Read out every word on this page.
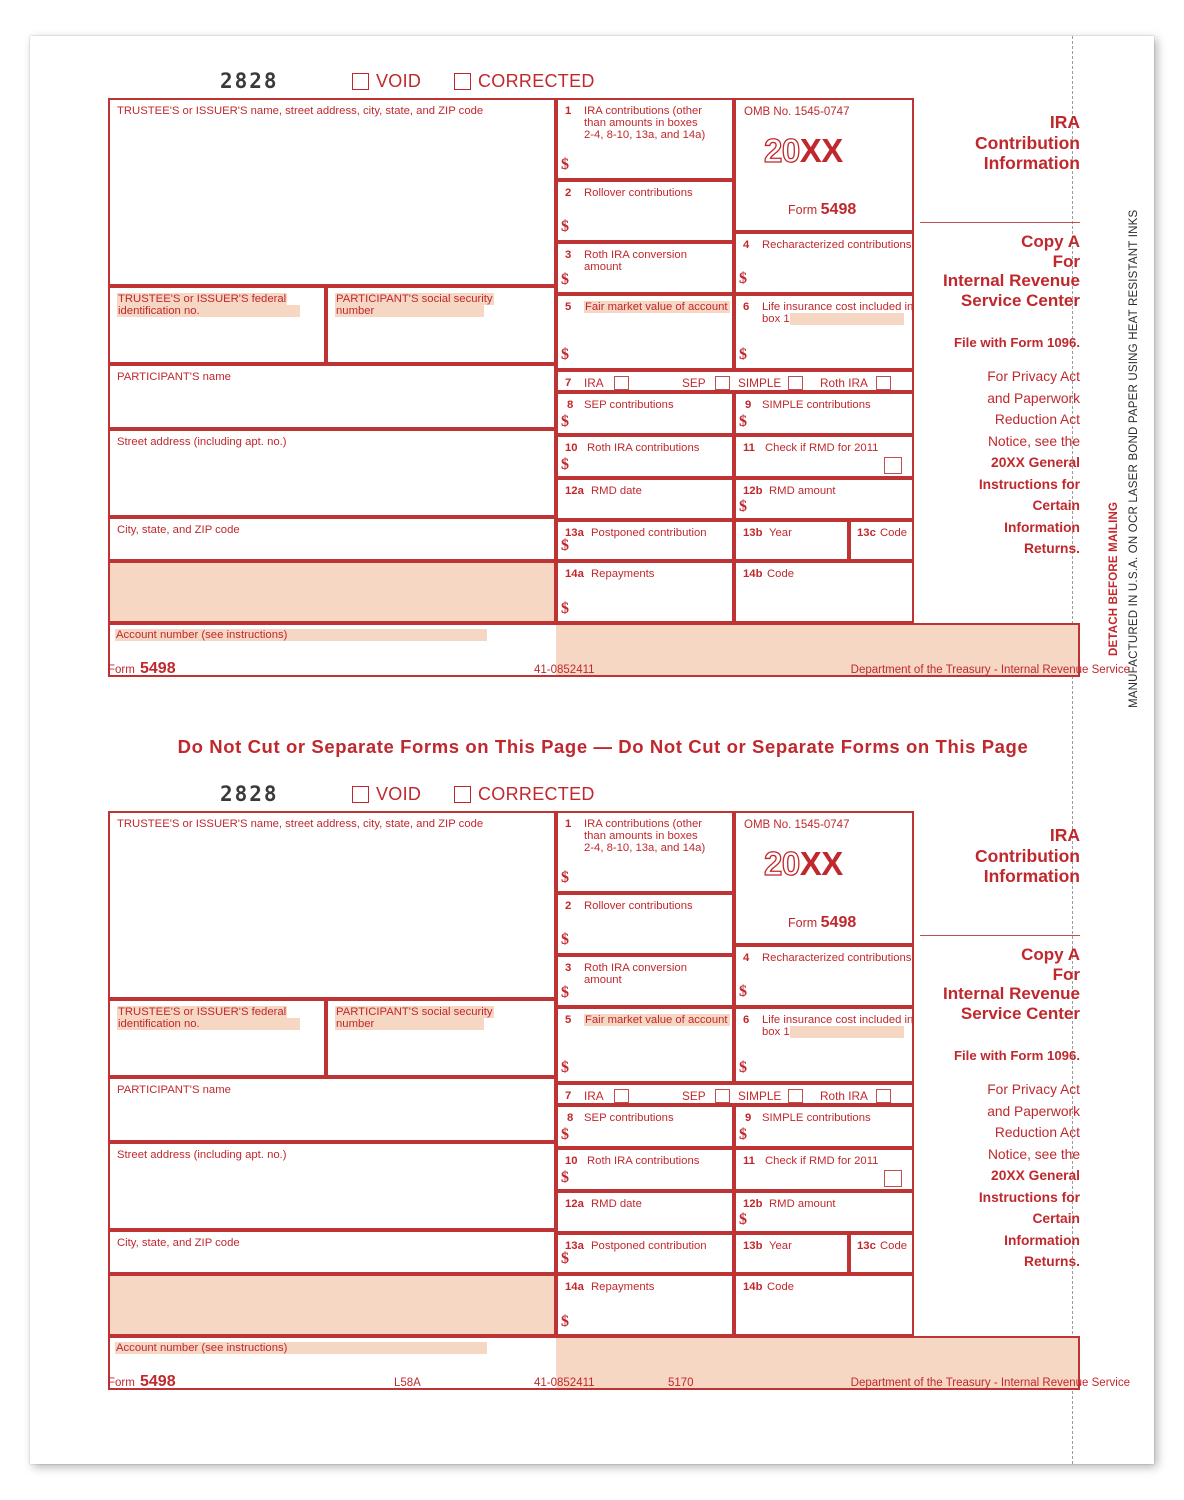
DETACH BEFORE MAILING MANUFACTURED IN U.S.A. ON OCR LASER BOND PAPER USING HEAT RESISTANT INKS
2828	VOID	CORRECTED
TRUSTEE'S or ISSUER'S name, street address, city, state, and ZIP code
TRUSTEE'S or ISSUER'S federal
identification no.
PARTICIPANT'S social security
number
PARTICIPANT'S name
Street address (including apt. no.)
City, state, and ZIP code
Account number (see instructions)
1 IRA contributions (other
than amounts in boxes
2-4, 8-10, 13a, and 14a)
$
2 Rollover contributions
$
3 Roth IRA conversion
amount
$
OMB No. 1545-0747
20XX
Form 5498
4 Recharacterized contributions
$
5 Fair market value of account
$
6 Life insurance cost included in
box 1
$
7 IRA	SEP	SIMPLE	Roth IRA
8 SEP contributions
$
9 SIMPLE contributions
$
10 Roth IRA contributions
$
11 Check if RMD for 2011
12a RMD date	12b RMD amount
$
13a Postponed contribution
$
13b Year	13c Code
14a Repayments
$
14b Code
IRA
Contribution
Information
Copy A
For
Internal Revenue
Service Center
File with Form 1096.
For Privacy Act
and Paperwork
Reduction Act
Notice, see the
20XX General
Instructions for
Certain
Information
Returns.
Form 5498	41-0852411	Department of the Treasury - Internal Revenue Service
Do Not Cut or Separate Forms on This Page — Do Not Cut or Separate Forms on This Page
2828	VOID	CORRECTED
TRUSTEE'S or ISSUER'S name, street address, city, state, and ZIP code
TRUSTEE'S or ISSUER'S federal
identification no.
PARTICIPANT'S social security
number
PARTICIPANT'S name
Street address (including apt. no.)
City, state, and ZIP code
Account number (see instructions)
1 IRA contributions (other
than amounts in boxes
2-4, 8-10, 13a, and 14a)
$
2 Rollover contributions
$
3 Roth IRA conversion
amount
$
OMB No. 1545-0747
20XX
Form 5498
4 Recharacterized contributions
$
5 Fair market value of account
$
6 Life insurance cost included in
box 1
$
7 IRA	SEP	SIMPLE	Roth IRA
8 SEP contributions
$
9 SIMPLE contributions
$
10 Roth IRA contributions
$
11 Check if RMD for 2011
12a RMD date	12b RMD amount
$
13a Postponed contribution
$
13b Year	13c Code
14a Repayments
$
14b Code
IRA
Contribution
Information
Copy A
For
Internal Revenue
Service Center
File with Form 1096.
For Privacy Act
and Paperwork
Reduction Act
Notice, see the
20XX General
Instructions for
Certain
Information
Returns.
Form 5498	L58A	41-0852411	5170	Department of the Treasury - Internal Revenue Service
